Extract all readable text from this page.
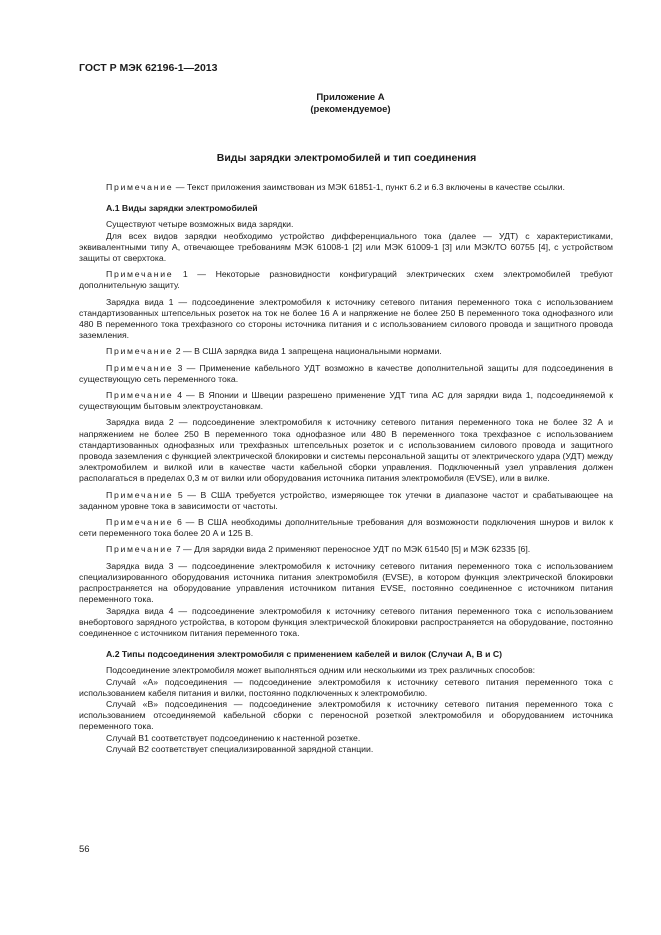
ГОСТ Р МЭК 62196-1—2013
Приложение А
(рекомендуемое)
Виды зарядки электромобилей и тип соединения

Примечание — Текст приложения заимствован из МЭК 61851-1, пункт 6.2 и 6.3 включены в качестве ссылки.

А.1 Виды зарядки электромобилей

Существуют четыре возможных вида зарядки.

Для всех видов зарядки необходимо устройство дифференциального тока (далее — УДТ) с характеристиками, эквивалентными типу А, отвечающее требованиям МЭК 61008-1 [2] или МЭК 61009-1 [3] или МЭК/ТО 60755 [4], с устройством защиты от сверхтока.

Примечание 1 — Некоторые разновидности конфигураций электрических схем электромобилей требуют дополнительную защиту.

Зарядка вида 1 — подсоединение электромобиля к источнику сетевого питания переменного тока с использованием стандартизованных штепсельных розеток на ток не более 16 А и напряжение не более 250 В переменного тока однофазного или 480 В переменного тока трехфазного со стороны источника питания и с использованием силового провода и защитного провода заземления.

Примечание 2 — В США зарядка вида 1 запрещена национальными нормами.

Примечание 3 — Применение кабельного УДТ возможно в качестве дополнительной защиты для подсоединения в существующую сеть переменного тока.

Примечание 4 — В Японии и Швеции разрешено применение УДТ типа АС для зарядки вида 1, подсоединяемой к существующим бытовым электроустановкам.

Зарядка вида 2 — подсоединение электромобиля к источнику сетевого питания переменного тока не более 32 А и напряжением не более 250 В переменного тока однофазное или 480 В переменного тока трехфазное с использованием стандартизованных однофазных или трехфазных штепсельных розеток и с использованием силового провода и защитного провода заземления с функцией электрической блокировки и системы персональной защиты от электрического удара (УДТ) между электромобилем и вилкой или в качестве части кабельной сборки управления. Подключенный узел управления должен располагаться в пределах 0,3 м от вилки или оборудования источника питания электромобиля (EVSE), или в вилке.

Примечание 5 — В США требуется устройство, измеряющее ток утечки в диапазоне частот и срабатывающее на заданном уровне тока в зависимости от частоты.

Примечание 6 — В США необходимы дополнительные требования для возможности подключения шнуров и вилок к сети переменного тока более 20 А и 125 В.

Примечание 7 — Для зарядки вида 2 применяют переносное УДТ по МЭК 61540 [5] и МЭК 62335 [6].

Зарядка вида 3 — подсоединение электромобиля к источнику сетевого питания переменного тока с использованием специализированного оборудования источника питания электромобиля (EVSE), в котором функция электрической блокировки распространяется на оборудование управления источником питания EVSE, постоянно соединенное с источником питания переменного тока.

Зарядка вида 4 — подсоединение электромобиля к источнику сетевого питания переменного тока с использованием внебортового зарядного устройства, в котором функция электрической блокировки распространяется на оборудование, постоянно соединенное с источником питания переменного тока.

А.2 Типы подсоединения электромобиля с применением кабелей и вилок (Случаи А, В и С)

Подсоединение электромобиля может выполняться одним или несколькими из трех различных способов:

Случай «А» подсоединения — подсоединение электромобиля к источнику сетевого питания переменного тока с использованием кабеля питания и вилки, постоянно подключенных к электромобилю.

Случай «В» подсоединения — подсоединение электромобиля к источнику сетевого питания переменного тока с использованием отсоединяемой кабельной сборки с переносной розеткой электромобиля и оборудованием источника переменного тока.

Случай В1 соответствует подсоединению к настенной розетке.

Случай В2 соответствует специализированной зарядной станции.

56
